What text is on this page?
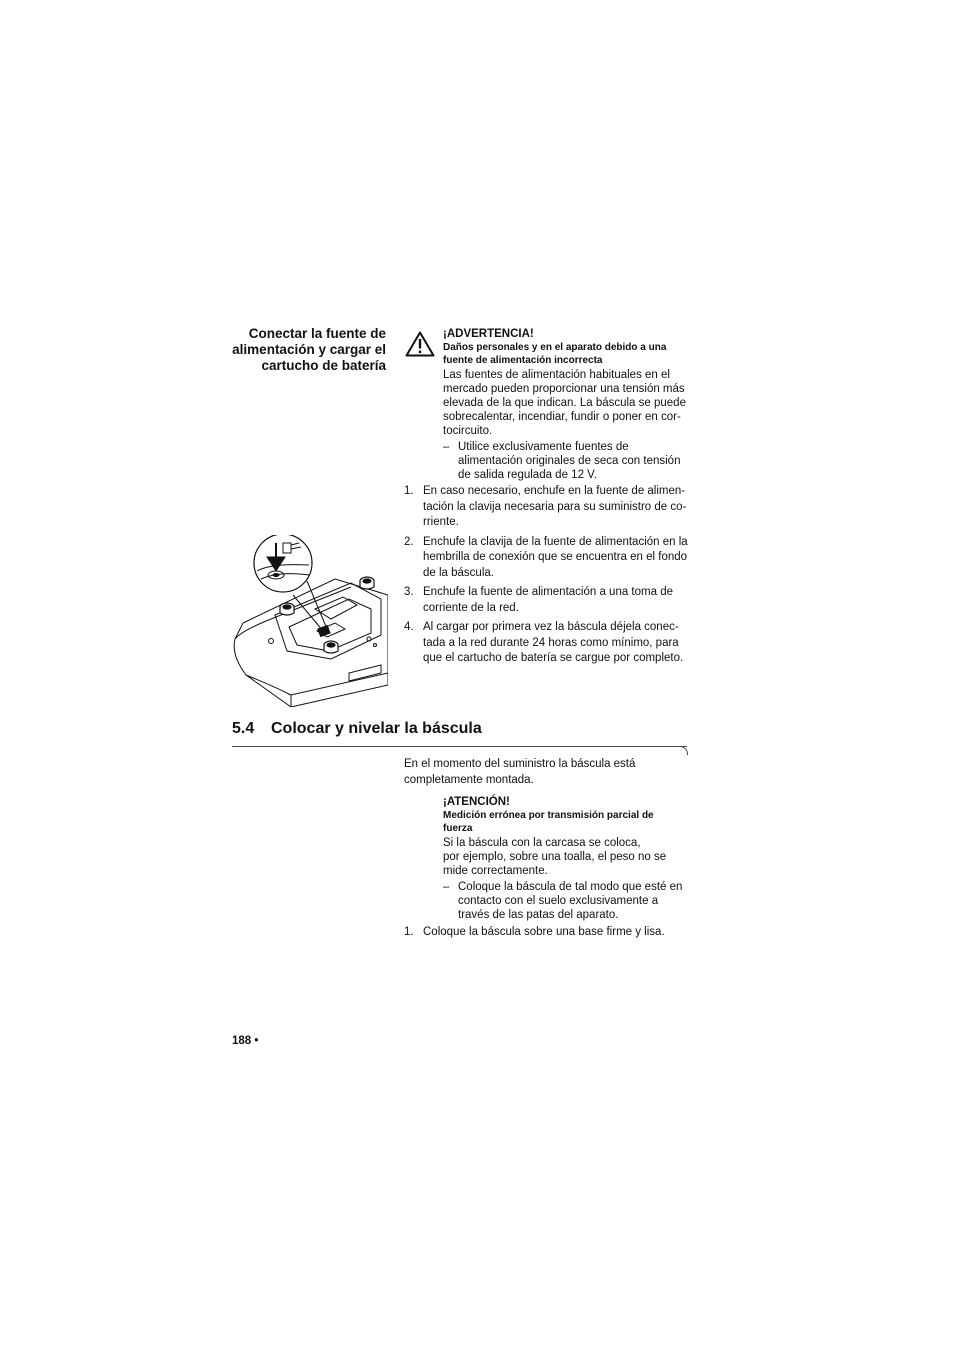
Conectar la fuente de
alimentación y cargar el
cartucho de batería
¡ADVERTENCIA!
Daños personales y en el aparato debido a una
fuente de alimentación incorrecta
Las fuentes de alimentación habituales en el
mercado pueden proporcionar una tensión más
elevada de la que indican. La báscula se puede
sobrecalentar, incendiar, fundir o poner en cor-
tocircuito.
– Utilice exclusivamente fuentes de
alimentación originales de seca con tensión
de salida regulada de 12 V.
1. En caso necesario, enchufe en la fuente de alimen-
tación la clavija necesaria para su suministro de co-
rriente.
2. Enchufe la clavija de la fuente de alimentación en la
hembrilla de conexión que se encuentra en el fondo
de la báscula.
3. Enchufe la fuente de alimentación a una toma de
corriente de la red.
4. Al cargar por primera vez la báscula déjela conec-
tada a la red durante 24 horas como mínimo, para
que el cartucho de batería se cargue por completo.
5.4 Colocar y nivelar la báscula
En el momento del suministro la báscula está
completamente montada.
¡ATENCIÓN!
Medición errónea por transmisión parcial de
fuerza
Si la báscula con la carcasa se coloca,
por ejemplo, sobre una toalla, el peso no se
mide correctamente.
– Coloque la báscula de tal modo que esté en
contacto con el suelo exclusivamente a
través de las patas del aparato.
1. Coloque la báscula sobre una base firme y lisa.
188 •
